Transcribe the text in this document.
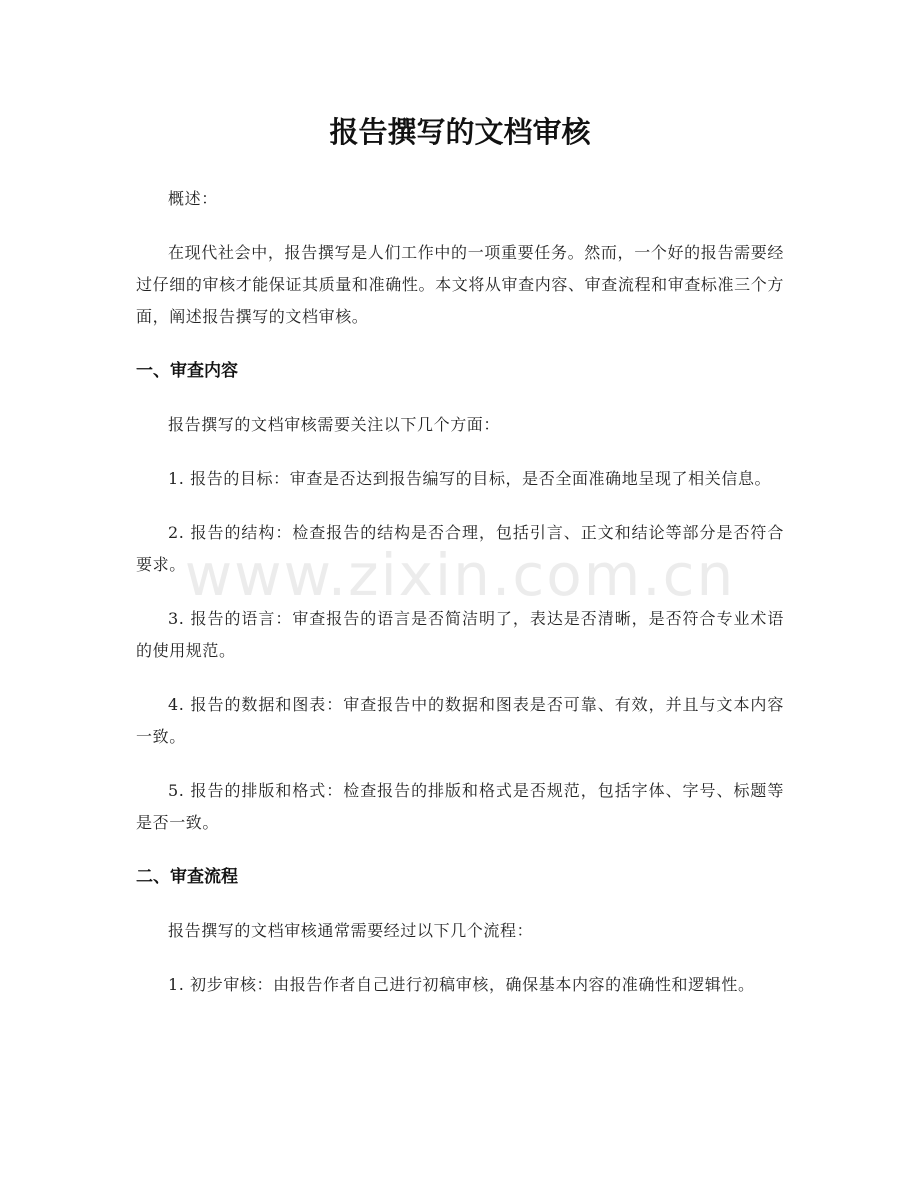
报告撰写的文档审核

概述：

在现代社会中，报告撰写是人们工作中的一项重要任务。然而，一个好的报告需要经过仔细的审核才能保证其质量和准确性。本文将从审查内容、审查流程和审查标准三个方面，阐述报告撰写的文档审核。

一、审查内容

报告撰写的文档审核需要关注以下几个方面：

1. 报告的目标：审查是否达到报告编写的目标，是否全面准确地呈现了相关信息。

2. 报告的结构：检查报告的结构是否合理，包括引言、正文和结论等部分是否符合要求。

3. 报告的语言：审查报告的语言是否简洁明了，表达是否清晰，是否符合专业术语的使用规范。

4. 报告的数据和图表：审查报告中的数据和图表是否可靠、有效，并且与文本内容一致。

5. 报告的排版和格式：检查报告的排版和格式是否规范，包括字体、字号、标题等是否一致。

二、审查流程

报告撰写的文档审核通常需要经过以下几个流程：

1. 初步审核：由报告作者自己进行初稿审核，确保基本内容的准确性和逻辑性。

www.zixin.com.cn
